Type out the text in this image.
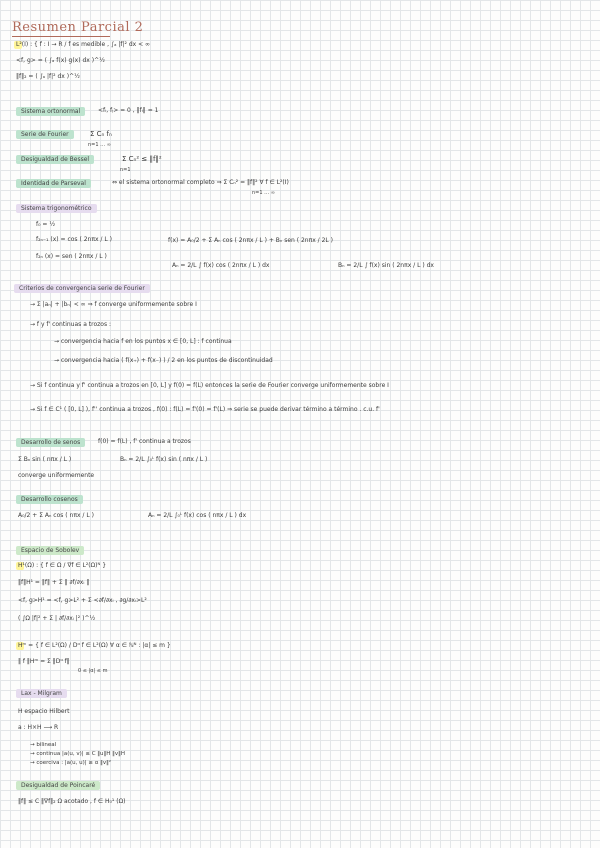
Resumen Parcial 2
L²(I) : { f : I → R / f es medible , ∫ₐ |f|² dx < ∞
<f, g> = ( ∫ₐ f(x) g(x) dx )^½
‖f‖₂ = ( ∫ₐ |f|² dx )^½
Sistema ortonormal	<fᵢ, fⱼ> = 0 , ‖fᵢ‖ = 1
Serie de Fourier	Σ Cₙ fₙ
n=1 … ∞
Desigualdad de Bessel	Σ Cₙ² ≤ ‖f‖²
n=1
Identidad de Parseval	⇔ el sistema ortonormal completo ⇒ Σ Cₙ² = ‖f‖² ∀ f ∈ L²(I)
n=1 … ∞
Sistema trigonométrico
f₀ = ½
f₂ₙ₋₁ (x) = cos ( 2nπx / L )
f₂ₙ (x) = sen ( 2nπx / L )
f(x) = A₀/2 + Σ Aₙ cos ( 2nπx / L ) + Bₙ sen ( 2nπx / 2L )
Aₙ = 2/L ∫ f(x) cos ( 2nπx / L ) dx	Bₙ = 2/L ∫ f(x) sin ( 2nπx / L ) dx
Criterios de convergencia serie de Fourier
→ Σ |aₙ| + |bₙ| < ∞ ⇒ f converge uniformemente sobre I
→ f y f' continuas a trozos :
→ convergencia hacia f en los puntos x ∈ [0, L] : f continua
→ convergencia hacia ( f(x₊) + f(x₋) ) / 2 en los puntos de discontinuidad
→ Si f continua y f' continua a trozos en [0, L] y f(0) = f(L) entonces la serie de Fourier converge uniformemente sobre I
→ Si f ∈ C¹ ( [0, L] ), f'' continua a trozos , f(0) : f(L) = f'(0) = f'(L) ⇒ serie se puede derivar término a término . c.u. f'
Desarrollo de senos	f(0) = f(L) , f' continua a trozos
Σ Bₙ sin ( nπx / L )	Bₙ = 2/L ∫₀ᴸ f(x) sin ( nπx / L )
converge uniformemente
Desarrollo cosenos
A₀/2 + Σ Aₙ cos ( nπx / L )	Aₙ = 2/L ∫₀ᴸ f(x) cos ( nπx / L ) dx
Espacio de Sobolev
H¹(Ω) : { f ∈ Ω / ∇f ∈ L²(Ω)ᴺ }
‖f‖H¹ = ‖f‖ + Σ ‖ ∂f/∂xᵢ ‖
<f, g>H¹ = <f, g>L² + Σ <∂f/∂xᵢ , ∂g/∂xᵢ>L²
( ∫Ω |f|² + Σ | ∂f/∂xᵢ |² )^½
Hᵐ = { f ∈ L²(Ω) / Dᵅ f ∈ L²(Ω) ∀ α ∈ ℕᴺ : |α| ≤ m }
‖ f ‖Hᵐ = Σ ‖Dᵅ f‖
0 ≤ |α| ≤ m
Lax - Milgram
H espacio Hilbert
a : H×H ⟶ R
→ bilineal
→ continua |a(u, v)| ≤ C ‖u‖H ‖v‖H
→ coerciva : |a(u, u)| ≥ α ‖v‖²
Desigualdad de Poincaré
‖f‖ ≤ C ‖∇f‖₂ Ω acotado , f ∈ H₀¹ (Ω)
